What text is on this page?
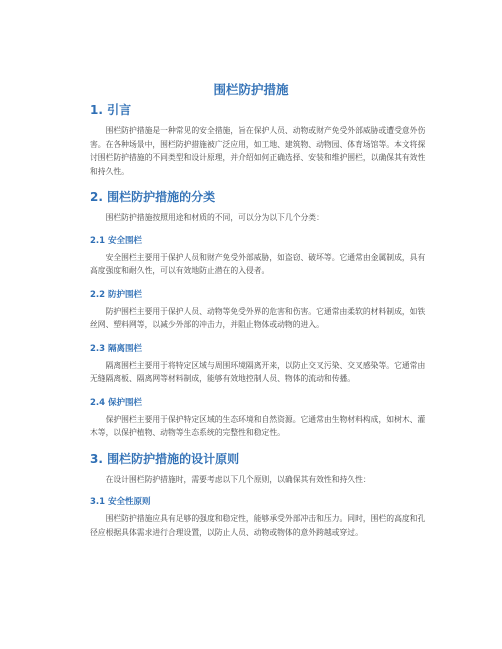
围栏防护措施
1. 引言

围栏防护措施是一种常见的安全措施，旨在保护人员、动物或财产免受外部威胁或遭受意外伤害。在各种场景中，围栏防护措施被广泛应用，如工地、建筑物、动物园、体育场馆等。本文将探讨围栏防护措施的不同类型和设计原理，并介绍如何正确选择、安装和维护围栏，以确保其有效性和持久性。

2. 围栏防护措施的分类

围栏防护措施按照用途和材质的不同，可以分为以下几个分类：

2.1 安全围栏

安全围栏主要用于保护人员和财产免受外部威胁，如盗窃、破坏等。它通常由金属制成，具有高度强度和耐久性，可以有效地防止潜在的入侵者。

2.2 防护围栏

防护围栏主要用于保护人员、动物等免受外界的危害和伤害。它通常由柔软的材料制成，如铁丝网、塑料网等，以减少外部的冲击力，并阻止物体或动物的进入。

2.3 隔离围栏

隔离围栏主要用于将特定区域与周围环境隔离开来，以防止交叉污染、交叉感染等。它通常由无缝隔离板、隔离网等材料制成，能够有效地控制人员、物体的流动和传播。

2.4 保护围栏

保护围栏主要用于保护特定区域的生态环境和自然资源。它通常由生物材料构成，如树木、灌木等，以保护植物、动物等生态系统的完整性和稳定性。

3. 围栏防护措施的设计原则

在设计围栏防护措施时，需要考虑以下几个原则，以确保其有效性和持久性：

3.1 安全性原则

围栏防护措施应具有足够的强度和稳定性，能够承受外部冲击和压力。同时，围栏的高度和孔径应根据具体需求进行合理设置，以防止人员、动物或物体的意外跨越或穿过。
